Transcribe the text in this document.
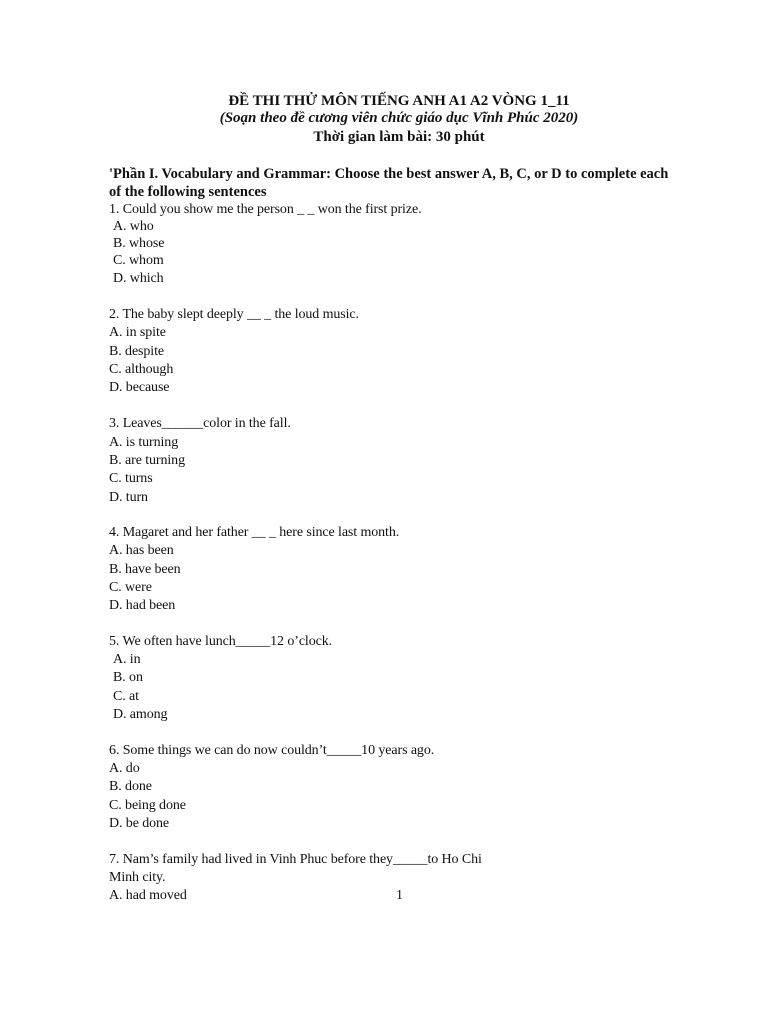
ĐỀ THI THỬ MÔN TIẾNG ANH A1 A2 VÒNG 1_11
(Soạn theo đề cương viên chức giáo dục Vĩnh Phúc 2020)
Thời gian làm bài: 30 phút
'Phần I. Vocabulary and Grammar: Choose the best answer A, B, C, or D to complete each of the following sentences
1. Could you show me the person _ _ won the first prize.
A. who
B. whose
C. whom
D. which
2. The baby slept deeply __ _ the loud music.
A. in spite
B. despite
C. although
D. because
3. Leaves______color in the fall.
A. is turning
B. are turning
C. turns
D. turn
4. Magaret and her father __ _ here since last month.
A. has been
B. have been
C. were
D. had been
5. We often have lunch_____12 o’clock.
A. in
B. on
C. at
D. among
6. Some things we can do now couldn’t_____10 years ago.
A. do
B. done
C. being done
D. be done
7. Nam’s family had lived in Vinh Phuc before they_____to Ho Chi
Minh city.
A. had moved	1
